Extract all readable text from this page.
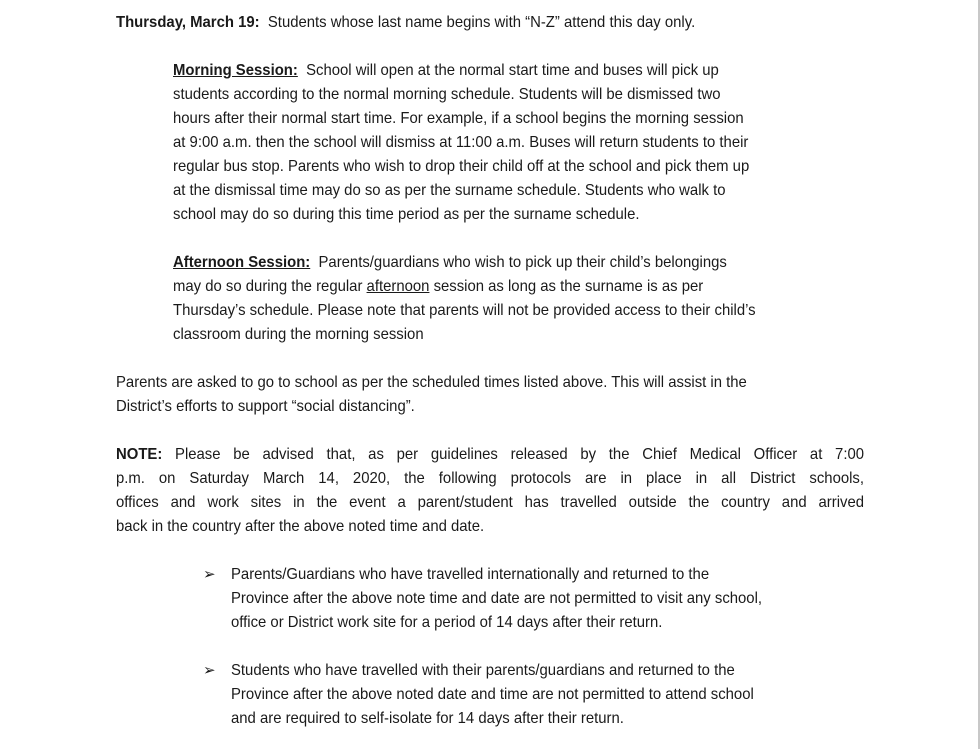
Thursday, March 19: Students whose last name begins with “N-Z” attend this day only.

Morning Session: School will open at the normal start time and buses will pick up
students according to the normal morning schedule. Students will be dismissed two
hours after their normal start time. For example, if a school begins the morning session
at 9:00 a.m. then the school will dismiss at 11:00 a.m. Buses will return students to their
regular bus stop. Parents who wish to drop their child off at the school and pick them up
at the dismissal time may do so as per the surname schedule. Students who walk to
school may do so during this time period as per the surname schedule.

Afternoon Session: Parents/guardians who wish to pick up their child’s belongings
may do so during the regular afternoon session as long as the surname is as per
Thursday’s schedule. Please note that parents will not be provided access to their child’s
classroom during the morning session

Parents are asked to go to school as per the scheduled times listed above. This will assist in the
District’s efforts to support “social distancing”.

NOTE: Please be advised that, as per guidelines released by the Chief Medical Officer at 7:00
p.m. on Saturday March 14, 2020, the following protocols are in place in all District schools,
offices and work sites in the event a parent/student has travelled outside the country and arrived
back in the country after the above noted time and date.

➢ Parents/Guardians who have travelled internationally and returned to the
Province after the above note time and date are not permitted to visit any school,
office or District work site for a period of 14 days after their return.

➢ Students who have travelled with their parents/guardians and returned to the
Province after the above noted date and time are not permitted to attend school
and are required to self-isolate for 14 days after their return.
